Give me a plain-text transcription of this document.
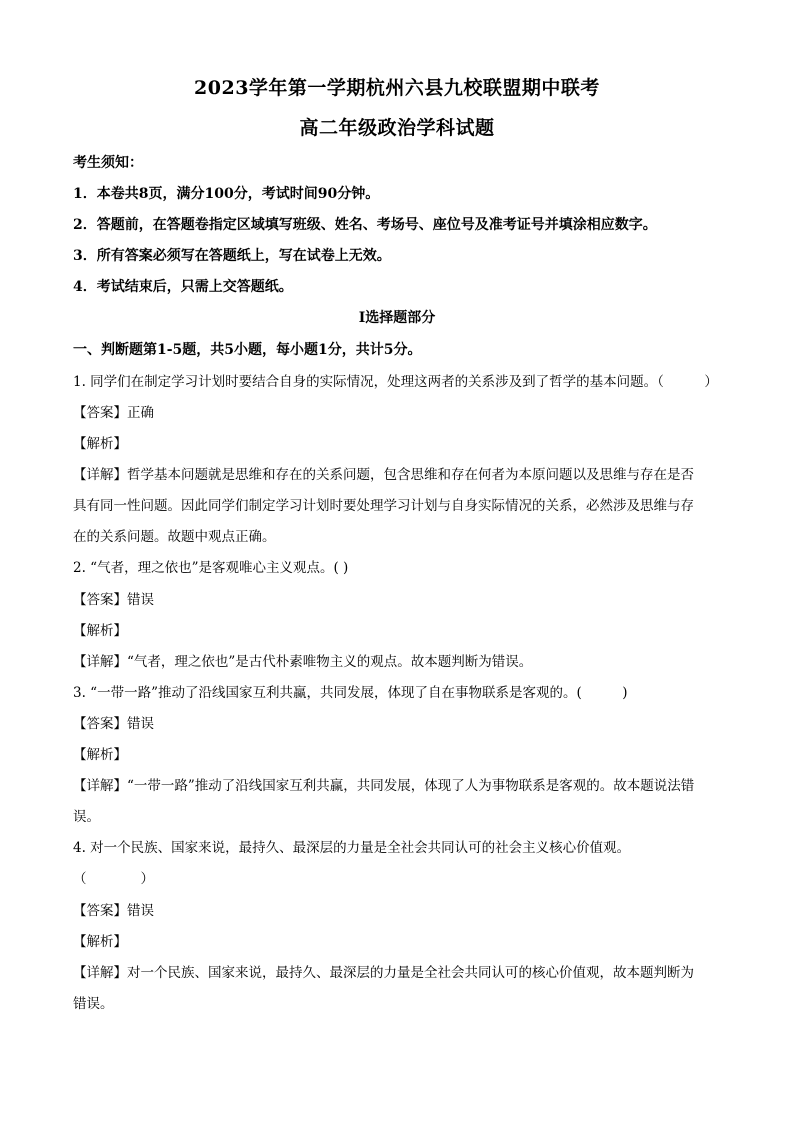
2023学年第一学期杭州六县九校联盟期中联考
高二年级政治学科试题
考生须知：
1．本卷共8页，满分100分，考试时间90分钟。
2．答题前，在答题卷指定区域填写班级、姓名、考场号、座位号及准考证号并填涂相应数字。
3．所有答案必须写在答题纸上，写在试卷上无效。
4．考试结束后，只需上交答题纸。
Ⅰ选择题部分
一、判断题第1-5题，共5小题，每小题1分，共计5分。
1. 同学们在制定学习计划时要结合自身的实际情况，处理这两者的关系涉及到了哲学的基本问题。（　　　）
【答案】正确
【解析】
【详解】哲学基本问题就是思维和存在的关系问题，包含思维和存在何者为本原问题以及思维与存在是否
具有同一性问题。因此同学们制定学习计划时要处理学习计划与自身实际情况的关系，必然涉及思维与存
在的关系问题。故题中观点正确。
2. “气者，理之依也”是客观唯心主义观点。( )
【答案】错误
【解析】
【详解】“气者，理之依也”是古代朴素唯物主义的观点。故本题判断为错误。
3. “一带一路”推动了沿线国家互利共赢，共同发展，体现了自在事物联系是客观的。(　　　)
【答案】错误
【解析】
【详解】“一带一路”推动了沿线国家互利共赢，共同发展，体现了人为事物联系是客观的。故本题说法错
误。
4. 对一个民族、国家来说，最持久、最深层的力量是全社会共同认可的社会主义核心价值观。
（　　　　）
【答案】错误
【解析】
【详解】对一个民族、国家来说，最持久、最深层的力量是全社会共同认可的核心价值观，故本题判断为
错误。
